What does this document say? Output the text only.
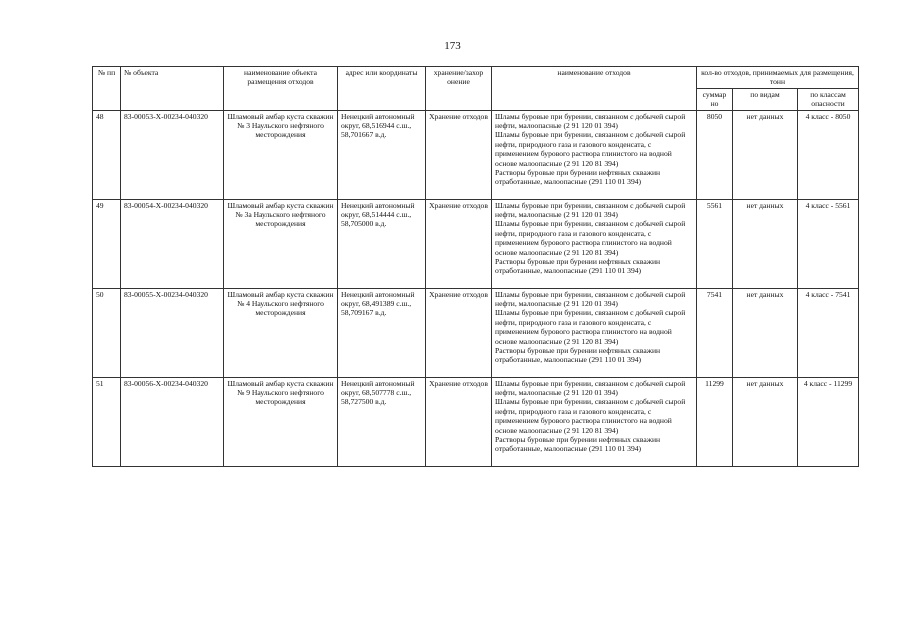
173
№ пп	№ объекта	наименование объекта размещения отходов	адрес или координаты	хранение/захор онение	наименование отходов	кол-во отходов, принимаемых для размещения, тонн		
						суммар но	по видам	по классам опасности
48	83-00053-Х-00234-040320	Шламовый амбар куста скважин № 3 Наульского нефтяного месторождения	Ненецкий автономный округ, 68,516944 с.ш., 58,701667 в.д.	Хранение отходов	Шламы буровые при бурении, связанном с добычей сырой нефти, малоопасные (2 91 120 01 394)
Шламы буровые при бурении, связанном с добычей сырой нефти, природного газа и газового конденсата, с применением бурового раствора глинистого на водной основе малоопасные (2 91 120 81 394)
Растворы буровые при бурении нефтяных скважин отработанные, малоопасные (291 110 01 394)	8050	нет данных	4 класс - 8050
49	83-00054-Х-00234-040320	Шламовый амбар куста скважин № 3а Наульского нефтяного месторождения	Ненецкий автономный округ, 68,514444 с.ш., 58,705000 в.д.	Хранение отходов	Шламы буровые при бурении, связанном с добычей сырой нефти, малоопасные (2 91 120 01 394)
Шламы буровые при бурении, связанном с добычей сырой нефти, природного газа и газового конденсата, с применением бурового раствора глинистого на водной основе малоопасные (2 91 120 81 394)
Растворы буровые при бурении нефтяных скважин отработанные, малоопасные (291 110 01 394)	5561	нет данных	4 класс - 5561
50	83-00055-Х-00234-040320	Шламовый амбар куста скважин № 4 Наульского нефтяного месторождения	Ненецкий автономный округ, 68,491389 с.ш., 58,709167 в.д.	Хранение отходов	Шламы буровые при бурении, связанном с добычей сырой нефти, малоопасные (2 91 120 01 394)
Шламы буровые при бурении, связанном с добычей сырой нефти, природного газа и газового конденсата, с применением бурового раствора глинистого на водной основе малоопасные (2 91 120 81 394)
Растворы буровые при бурении нефтяных скважин отработанные, малоопасные (291 110 01 394)	7541	нет данных	4 класс - 7541
51	83-00056-Х-00234-040320	Шламовый амбар куста скважин № 9 Наульского нефтяного месторождения	Ненецкий автономный округ, 68,507778 с.ш., 58,727500 в.д.	Хранение отходов	Шламы буровые при бурении, связанном с добычей сырой нефти, малоопасные (2 91 120 01 394)
Шламы буровые при бурении, связанном с добычей сырой нефти, природного газа и газового конденсата, с применением бурового раствора глинистого на водной основе малоопасные (2 91 120 81 394)
Растворы буровые при бурении нефтяных скважин отработанные, малоопасные (291 110 01 394)	11299	нет данных	4 класс - 11299
